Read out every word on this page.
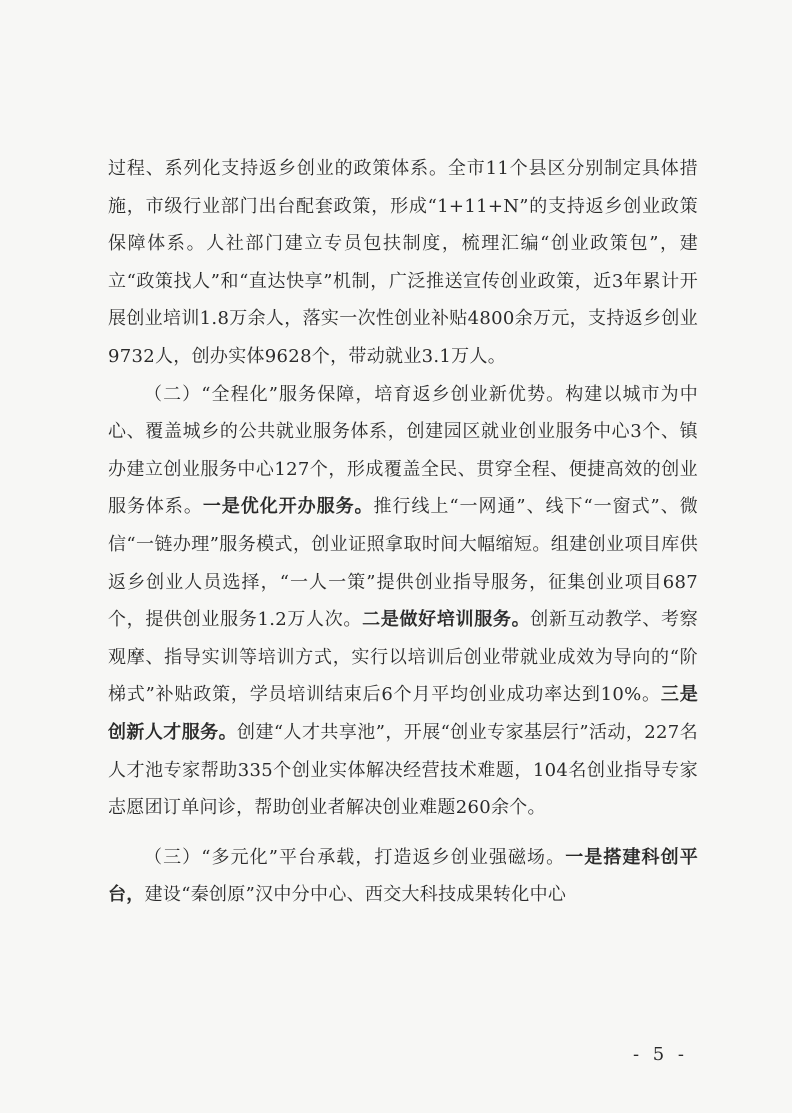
过程、系列化支持返乡创业的政策体系。全市11个县区分别制定具体措施，市级行业部门出台配套政策，形成“1+11+N”的支持返乡创业政策保障体系。人社部门建立专员包扶制度，梳理汇编“创业政策包”，建立“政策找人”和“直达快享”机制，广泛推送宣传创业政策，近3年累计开展创业培训1.8万余人，落实一次性创业补贴4800余万元，支持返乡创业9732人，创办实体9628个，带动就业3.1万人。

（二）“全程化”服务保障，培育返乡创业新优势。构建以城市为中心、覆盖城乡的公共就业服务体系，创建园区就业创业服务中心3个、镇办建立创业服务中心127个，形成覆盖全民、贯穿全程、便捷高效的创业服务体系。一是优化开办服务。推行线上“一网通”、线下“一窗式”、微信“一链办理”服务模式，创业证照拿取时间大幅缩短。组建创业项目库供返乡创业人员选择，“一人一策”提供创业指导服务，征集创业项目687个，提供创业服务1.2万人次。二是做好培训服务。创新互动教学、考察观摩、指导实训等培训方式，实行以培训后创业带就业成效为导向的“阶梯式”补贴政策，学员培训结束后6个月平均创业成功率达到10%。三是创新人才服务。创建“人才共享池”，开展“创业专家基层行”活动，227名人才池专家帮助335个创业实体解决经营技术难题，104名创业指导专家志愿团订单问诊，帮助创业者解决创业难题260余个。

（三）“多元化”平台承载，打造返乡创业强磁场。一是搭建科创平台，建设“秦创原”汉中分中心、西交大科技成果转化中心

- 5 -
